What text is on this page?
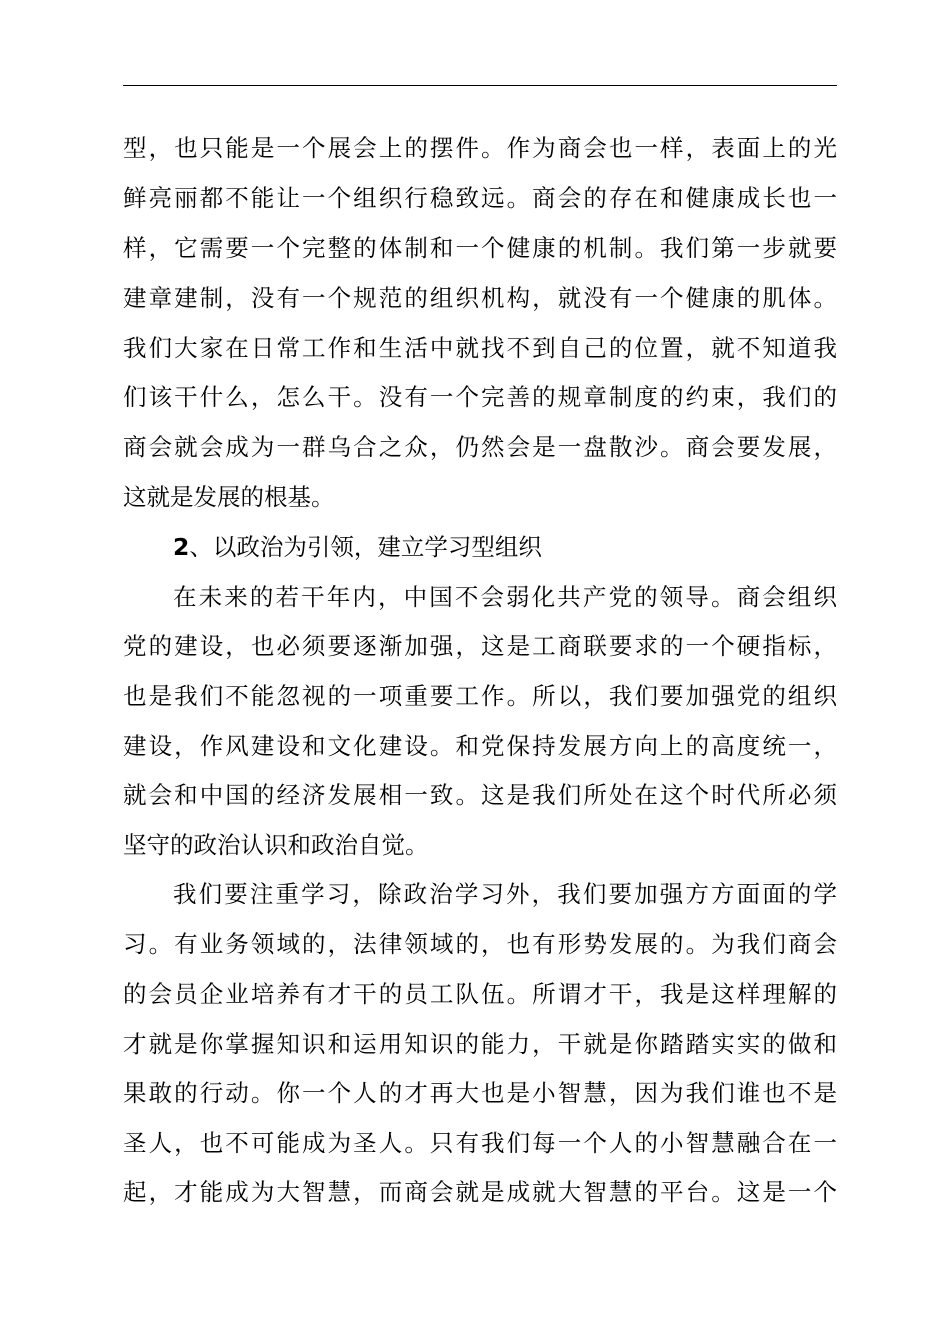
型，也只能是一个展会上的摆件。作为商会也一样，表面上的光
鲜亮丽都不能让一个组织行稳致远。商会的存在和健康成长也一
样，它需要一个完整的体制和一个健康的机制。我们第一步就要
建章建制，没有一个规范的组织机构，就没有一个健康的肌体。
我们大家在日常工作和生活中就找不到自己的位置，就不知道我
们该干什么，怎么干。没有一个完善的规章制度的约束，我们的
商会就会成为一群乌合之众，仍然会是一盘散沙。商会要发展，
这就是发展的根基。
2、以政治为引领，建立学习型组织
在未来的若干年内，中国不会弱化共产党的领导。商会组织
党的建设，也必须要逐渐加强，这是工商联要求的一个硬指标，
也是我们不能忽视的一项重要工作。所以，我们要加强党的组织
建设，作风建设和文化建设。和党保持发展方向上的高度统一，
就会和中国的经济发展相一致。这是我们所处在这个时代所必须
坚守的政治认识和政治自觉。
我们要注重学习，除政治学习外，我们要加强方方面面的学
习。有业务领域的，法律领域的，也有形势发展的。为我们商会
的会员企业培养有才干的员工队伍。所谓才干，我是这样理解的
才就是你掌握知识和运用知识的能力，干就是你踏踏实实的做和
果敢的行动。你一个人的才再大也是小智慧，因为我们谁也不是
圣人，也不可能成为圣人。只有我们每一个人的小智慧融合在一
起，才能成为大智慧，而商会就是成就大智慧的平台。这是一个
